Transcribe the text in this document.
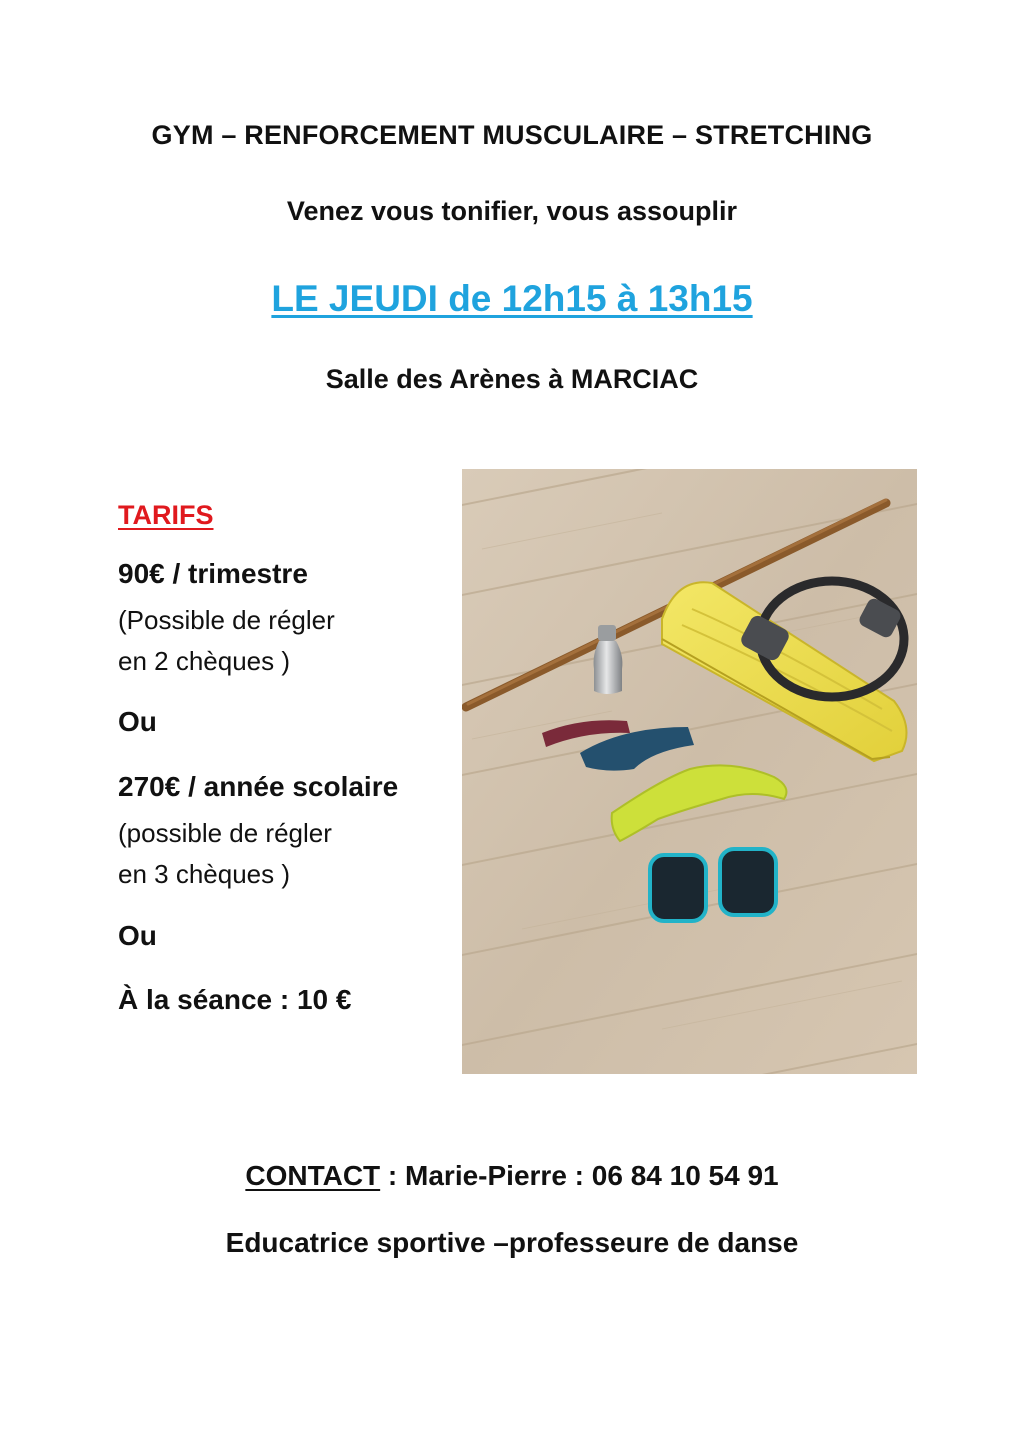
GYM – RENFORCEMENT MUSCULAIRE – STRETCHING
Venez vous tonifier, vous assouplir
LE JEUDI de 12h15 à 13h15
Salle des Arènes à MARCIAC
TARIFS
90€ / trimestre
(Possible de régler
en 2 chèques )
Ou
270€ / année scolaire
(possible de régler
en 3 chèques )
Ou
À la séance : 10 €
CONTACT : Marie-Pierre : 06 84 10 54 91
Educatrice sportive –professeure de danse
